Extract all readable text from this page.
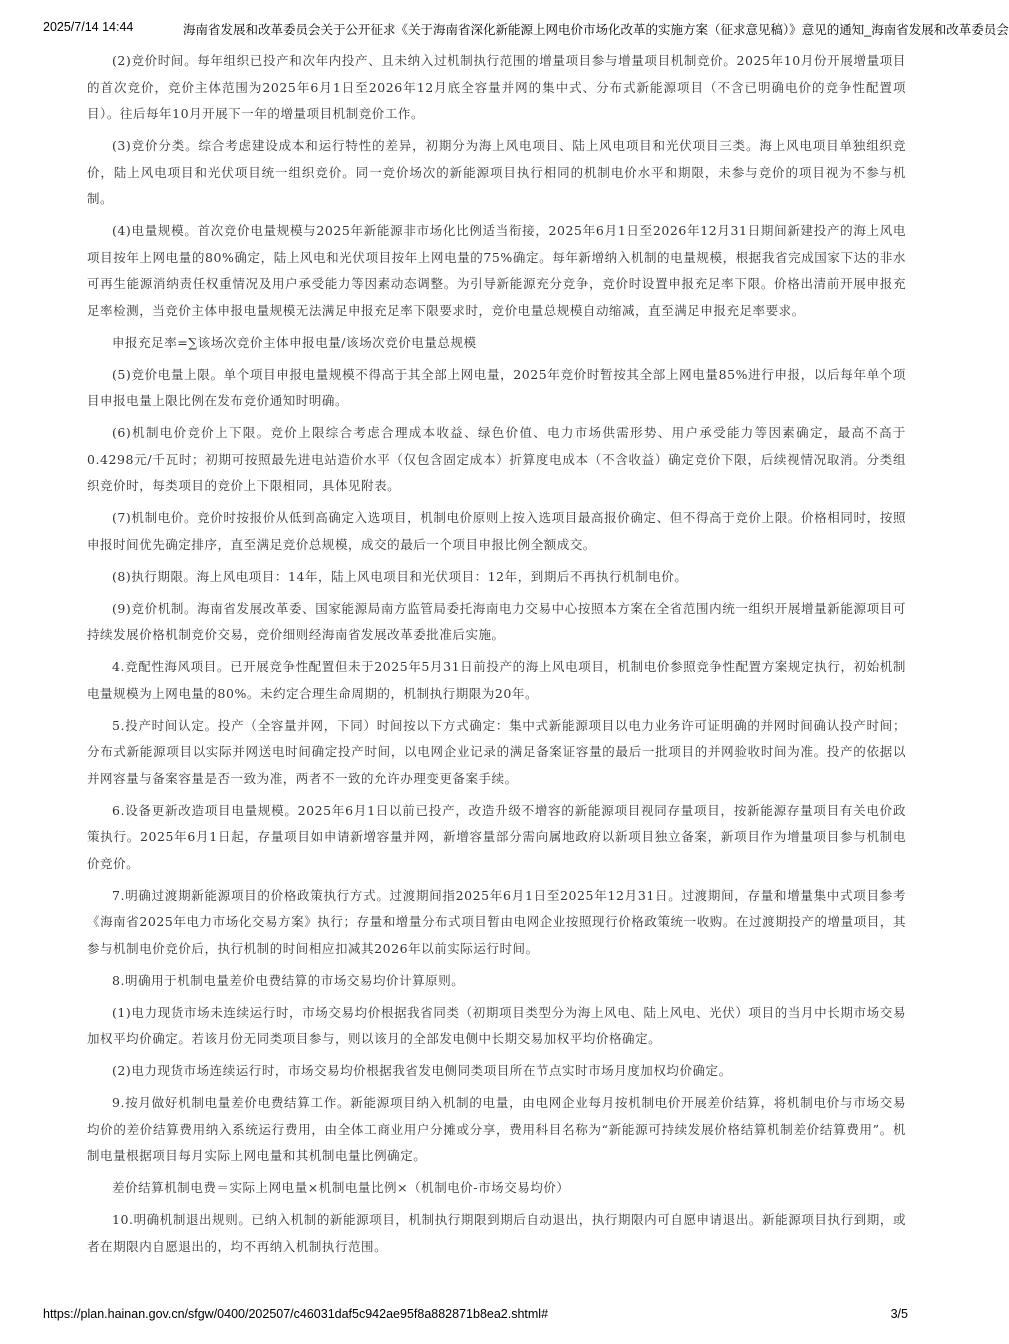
2025/7/14 14:44	海南省发展和改革委员会关于公开征求《关于海南省深化新能源上网电价市场化改革的实施方案（征求意见稿）》意见的通知_海南省发展和改革委员会

(2)竞价时间。每年组织已投产和次年内投产、且未纳入过机制执行范围的增量项目参与增量项目机制竞价。2025年10月份开展增量项目的首次竞价，竞价主体范围为2025年6月1日至2026年12月底全容量并网的集中式、分布式新能源项目（不含已明确电价的竞争性配置项目）。往后每年10月开展下一年的增量项目机制竞价工作。

(3)竞价分类。综合考虑建设成本和运行特性的差异，初期分为海上风电项目、陆上风电项目和光伏项目三类。海上风电项目单独组织竞价，陆上风电项目和光伏项目统一组织竞价。同一竞价场次的新能源项目执行相同的机制电价水平和期限，未参与竞价的项目视为不参与机制。

(4)电量规模。首次竞价电量规模与2025年新能源非市场化比例适当衔接，2025年6月1日至2026年12月31日期间新建投产的海上风电项目按年上网电量的80%确定，陆上风电和光伏项目按年上网电量的75%确定。每年新增纳入机制的电量规模，根据我省完成国家下达的非水可再生能源消纳责任权重情况及用户承受能力等因素动态调整。为引导新能源充分竞争，竞价时设置申报充足率下限。价格出清前开展申报充足率检测，当竞价主体申报电量规模无法满足申报充足率下限要求时，竞价电量总规模自动缩减，直至满足申报充足率要求。

申报充足率=∑该场次竞价主体申报电量/该场次竞价电量总规模

(5)竞价电量上限。单个项目申报电量规模不得高于其全部上网电量，2025年竞价时暂按其全部上网电量85%进行申报，以后每年单个项目申报电量上限比例在发布竞价通知时明确。

(6)机制电价竞价上下限。竞价上限综合考虑合理成本收益、绿色价值、电力市场供需形势、用户承受能力等因素确定，最高不高于0.4298元/千瓦时；初期可按照最先进电站造价水平（仅包含固定成本）折算度电成本（不含收益）确定竞价下限，后续视情况取消。分类组织竞价时，每类项目的竞价上下限相同，具体见附表。

(7)机制电价。竞价时按报价从低到高确定入选项目，机制电价原则上按入选项目最高报价确定、但不得高于竞价上限。价格相同时，按照申报时间优先确定排序，直至满足竞价总规模，成交的最后一个项目申报比例全额成交。

(8)执行期限。海上风电项目：14年，陆上风电项目和光伏项目：12年，到期后不再执行机制电价。

(9)竞价机制。海南省发展改革委、国家能源局南方监管局委托海南电力交易中心按照本方案在全省范围内统一组织开展增量新能源项目可持续发展价格机制竞价交易，竞价细则经海南省发展改革委批准后实施。

4.竞配性海风项目。已开展竞争性配置但未于2025年5月31日前投产的海上风电项目，机制电价参照竞争性配置方案规定执行，初始机制电量规模为上网电量的80%。未约定合理生命周期的，机制执行期限为20年。

5.投产时间认定。投产（全容量并网，下同）时间按以下方式确定：集中式新能源项目以电力业务许可证明确的并网时间确认投产时间；分布式新能源项目以实际并网送电时间确定投产时间，以电网企业记录的满足备案证容量的最后一批项目的并网验收时间为准。投产的依据以并网容量与备案容量是否一致为准，两者不一致的允许办理变更备案手续。

6.设备更新改造项目电量规模。2025年6月1日以前已投产，改造升级不增容的新能源项目视同存量项目，按新能源存量项目有关电价政策执行。2025年6月1日起，存量项目如申请新增容量并网，新增容量部分需向属地政府以新项目独立备案，新项目作为增量项目参与机制电价竞价。

7.明确过渡期新能源项目的价格政策执行方式。过渡期间指2025年6月1日至2025年12月31日。过渡期间，存量和增量集中式项目参考《海南省2025年电力市场化交易方案》执行；存量和增量分布式项目暂由电网企业按照现行价格政策统一收购。在过渡期投产的增量项目，其参与机制电价竞价后，执行机制的时间相应扣减其2026年以前实际运行时间。

8.明确用于机制电量差价电费结算的市场交易均价计算原则。

(1)电力现货市场未连续运行时，市场交易均价根据我省同类（初期项目类型分为海上风电、陆上风电、光伏）项目的当月中长期市场交易加权平均价确定。若该月份无同类项目参与，则以该月的全部发电侧中长期交易加权平均价格确定。

(2)电力现货市场连续运行时，市场交易均价根据我省发电侧同类项目所在节点实时市场月度加权均价确定。

9.按月做好机制电量差价电费结算工作。新能源项目纳入机制的电量，由电网企业每月按机制电价开展差价结算，将机制电价与市场交易均价的差价结算费用纳入系统运行费用，由全体工商业用户分摊或分享，费用科目名称为“新能源可持续发展价格结算机制差价结算费用”。机制电量根据项目每月实际上网电量和其机制电量比例确定。

差价结算机制电费＝实际上网电量×机制电量比例×（机制电价-市场交易均价）

10.明确机制退出规则。已纳入机制的新能源项目，机制执行期限到期后自动退出，执行期限内可自愿申请退出。新能源项目执行到期，或者在期限内自愿退出的，均不再纳入机制执行范围。

https://plan.hainan.gov.cn/sfgw/0400/202507/c46031daf5c942ae95f8a882871b8ea2.shtml#	3/5
